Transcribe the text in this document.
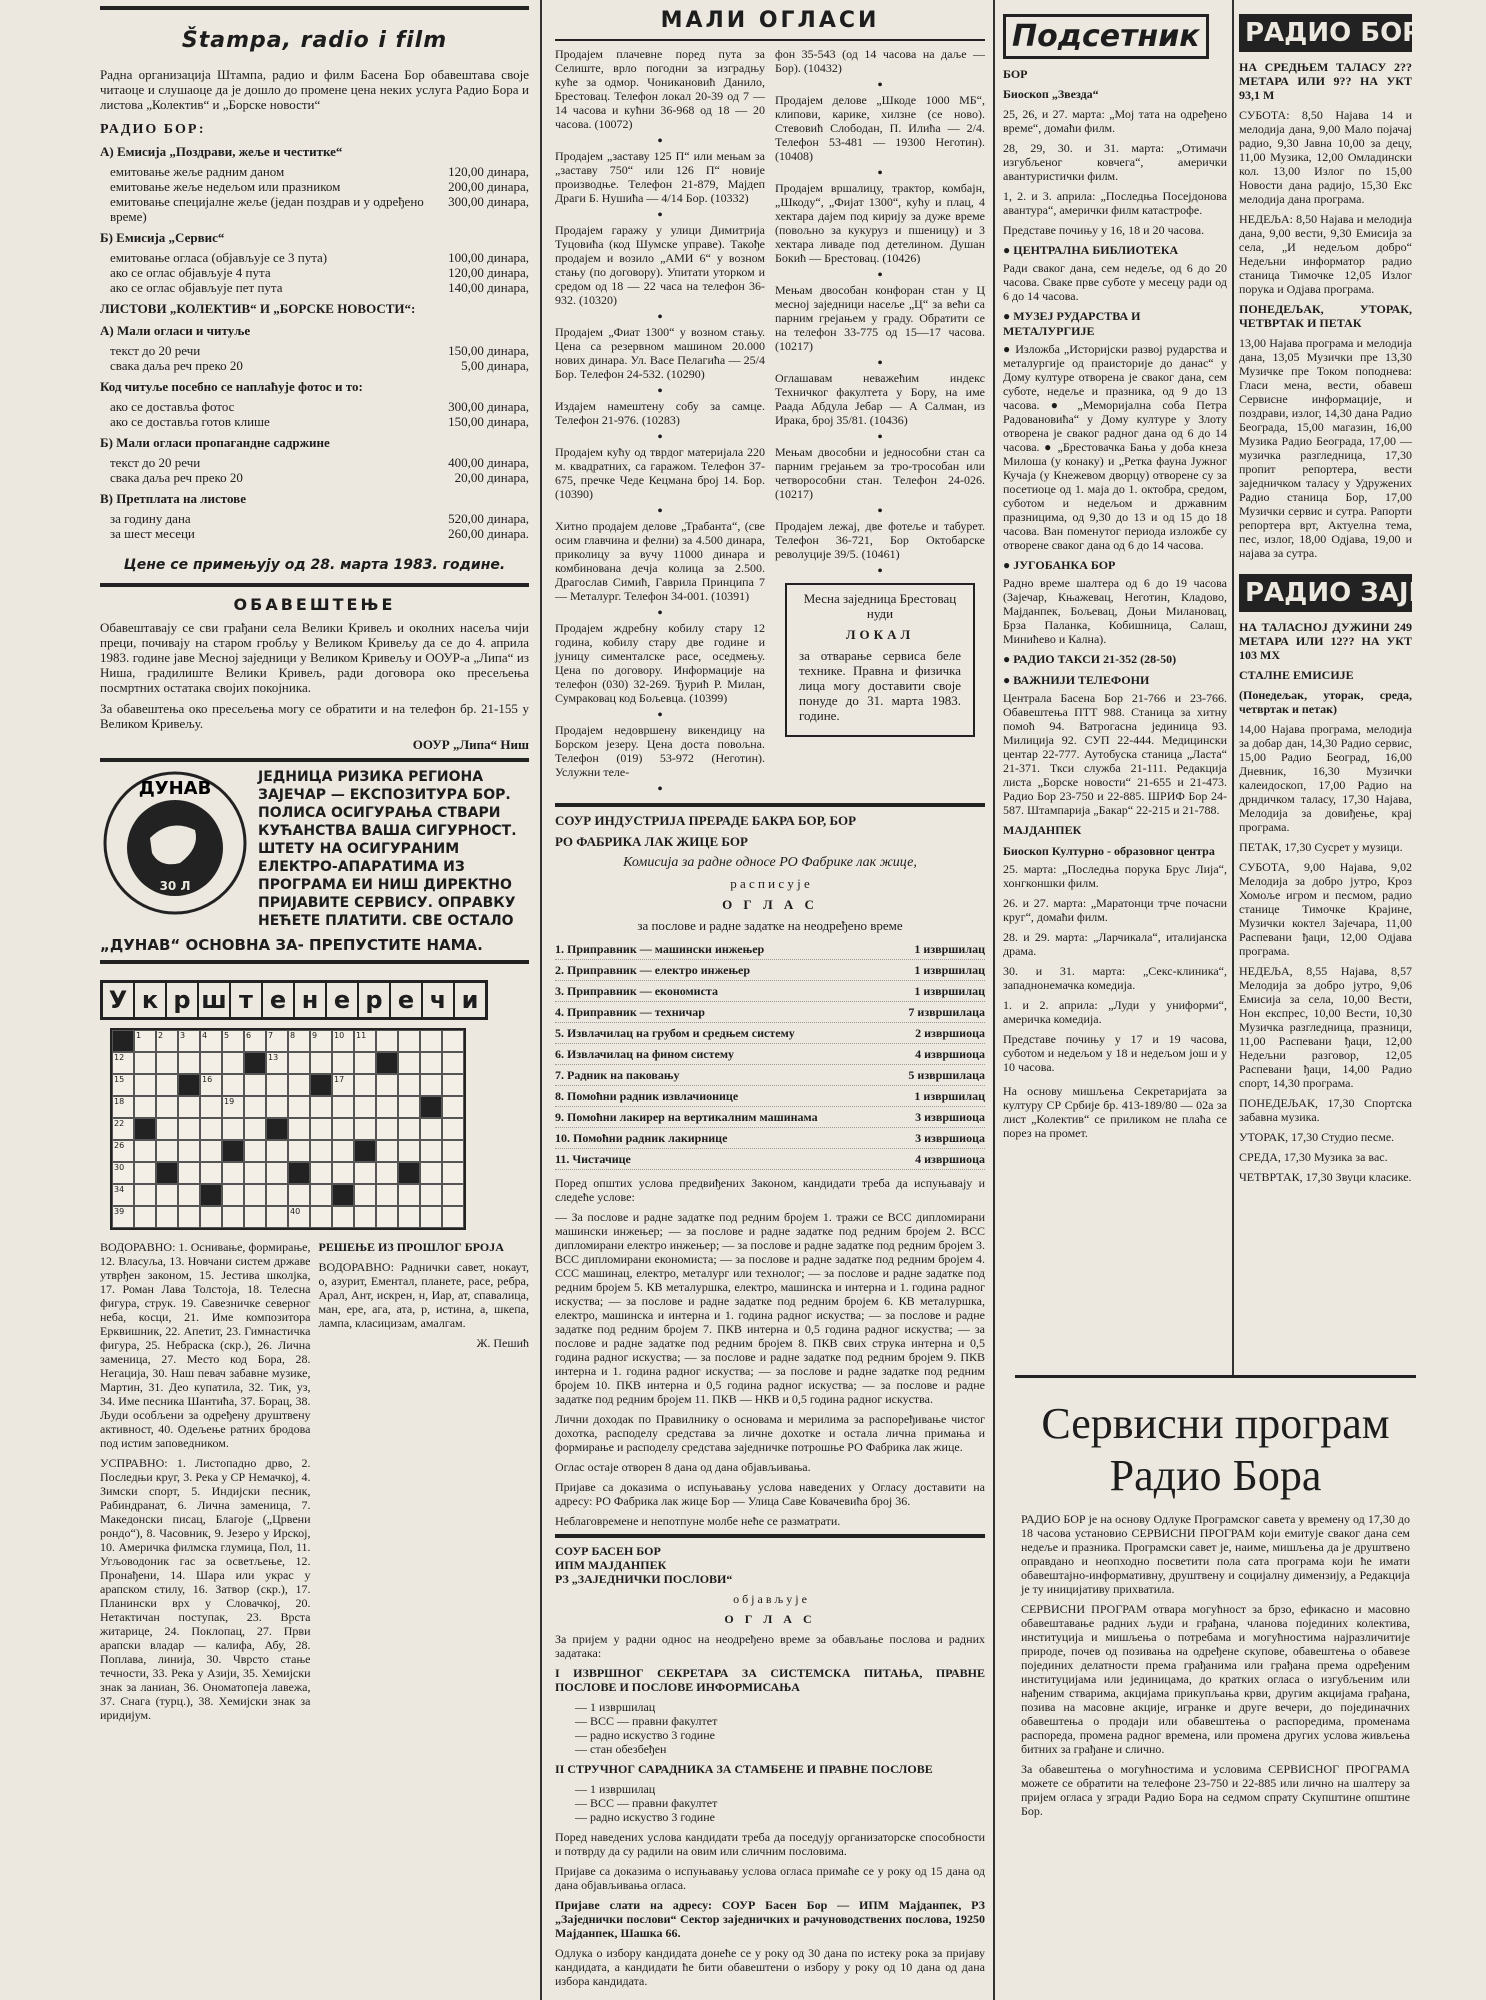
Štampa, radio i film

Радна организација Штампа, радио и филм Басена Бор обавештава своје читаоце и слушаоце да је дошло до промене цена неких услуга Радио Бора и листова „Колектив“ и „Борске новости“

РАДИО БОР:
А) Емисија „Поздрави, жеље и честитке“
емитовање жеље радним даном	120,00 динара,
емитовање жеље недељом или празником	200,00 динара,
емитовање специјалне жеље (један поздрав и у одређено време)
300,00 динара,
Б) Емисија „Сервис“
емитовање огласа (објављује се 3 пута)	100,00 динара,
ако се оглас објављује 4 пута	120,00 динара,
ако се оглас објављује пет пута	140,00 динара,
ЛИСТОВИ „КОЛЕКТИВ“ И „БОРСКЕ НОВОСТИ“:
А) Мали огласи и читуље
текст до 20 речи	150,00 динара,
свака даља реч преко 20	5,00 динара,
Код читуље посебно се наплаћује фотос и то:
ако се доставља фотос	300,00 динара,
ако се доставља готов клише	150,00 динара,
Б) Мали огласи пропагандне садржине
текст до 20 речи	400,00 динара,
свака даља реч преко 20	20,00 динара,
В) Претплата на листове
за годину дана	520,00 динара,
за шест месеци	260,00 динара.
Цене се примењују од 28. марта 1983. године.
ОБАВЕШТЕЊЕ

Обавештавају се сви грађани села Велики Кривељ и околних насеља чији преци, почивају на старом гробљу у Великом Кривељу да се до 4. априла 1983. године јаве Месној заједници у Великом Кривељу и ООУР-а „Липа“ из Ниша, градилиште Велики Кривељ, ради договора око пресељења посмртних остатака својих покојника.

За обавештења око пресељења могу се обратити и на телефон бр. 21-155 у Великом Кривељу.

ООУР „Липа“ Ниш

ДУНАВ
30 Л
ЈЕДНИЦА РИЗИКА РЕГИОНА ЗАЈЕЧАР — ЕКСПОЗИТУРА БОР. ПОЛИСА ОСИГУРАЊА СТВАРИ КУЋАНСТВА ВАША СИГУРНОСТ. ШТЕТУ НА ОСИГУРАНИМ ЕЛЕКТРО-АПАРАТИМА ИЗ ПРОГРАМА ЕИ НИШ ДИРЕКТНО ПРИЈАВИТЕ СЕРВИСУ. ОПРАВКУ НЕЋЕТЕ ПЛАТИТИ. СВЕ ОСТАЛО
„ДУНАВ“ ОСНОВНА ЗА- ПРЕПУСТИТЕ НАМА.
У к р ш т е н е р е ч и
1 2 3 4 5 6 7 8 9 10 11
12	13
15	16	17
18	19
22
26
30
34
39	40

ВОДОРАВНО: 1. Оснивање, формирање, 12. Власуља, 13. Новчани систем државе утврђен законом, 15. Јестива школјка, 17. Роман Лава Толстоја, 18. Телесна фигура, струк. 19. Савезничке северног неба, косци, 21. Име композитора Ерквишник, 22. Апетит, 23. Гимнастичка фигура, 25. Небраска (скр.), 26. Лична заменица, 27. Место код Бора, 28. Негација, 30. Наш певач забавне музике, Мартин, 31. Део купатила, 32. Тик, уз, 34. Име песника Шантића, 37. Борац, 38. Људи особљени за одређену друштвену активност, 40. Одељење ратних бродова под истим заповедником.

УСПРАВНО: 1. Листопадно дрво, 2. Последњи круг, 3. Река у СР Немачкој, 4. Зимски спорт, 5. Индијски песник, Рабиндранат, 6. Лична заменица, 7. Македонски писац, Благоје („Црвени рондо“), 8. Часовник, 9. Језеро у Ирској, 10. Америчка филмска глумица, Пол, 11. Угљоводоник гас за осветљење, 12. Пронађени, 14. Шара или украс у арапском стилу, 16. Затвор (скр.), 17. Планински врх у Словачкој, 20. Нетактичан поступак, 23. Врста житарице, 24. Поклопац, 27. Први арапски владар — калифа, Абу, 28. Поплава, линија, 30. Чврсто стање течности, 33. Река у Азији, 35. Хемијски знак за ланиан, 36. Ономатопеја лавежа, 37. Снага (турц.), 38. Хемијски знак за иридијум.

РЕШЕЊЕ ИЗ ПРОШЛОГ БРОЈА

ВОДОРАВНО: Раднички савет, нокаут, о, азурит, Ементал, планете, расе, ребра, Арал, Ант, искрен, н, Иар, ат, спавалица, ман, ере, ага, ата, р, истина, а, шкепа, лампа, класицизам, амалгам.

Ж. Пешић

МАЛИ ОГЛАСИ

Продајем плачевне поред пута за Селиште, врло погодни за изградњу куће за одмор. Чоникановић Данило, Брестовац. Телефон локал 20-39 од 7 — 14 часова и кућни 36-968 од 18 — 20 часова. (10072)

•

Продајем „заставу 125 П“ или мењам за „заставу 750“ или 126 П“ новије производње. Телефон 21-879, Мајдеп Драги Б. Нушића — 4/14 Бор. (10332)

•

Продајем гаражу у улици Димитрија Туцовића (код Шумске управе). Такође продајем и возило „АМИ 6“ у возном стању (по договору). Упитати уторком и средом од 18 — 22 часа на телефон 36-932. (10320)

•

Продајем „Фиат 1300“ у возном стању. Цена са резервном машином 20.000 нових динара. Ул. Васе Пелагића — 25/4 Бор. Телефон 24-532. (10290)

•

Издајем намештену собу за самце. Телефон 21-976. (10283)

•

Продајем кућу од тврдог материјала 220 м. квадратних, са гаражом. Телефон 37-675, пречке Чеде Кецмана број 14. Бор. (10390)

•

Хитно продајем делове „Трабанта“, (све осим главчина и фелни) за 4.500 динара, приколицу за вучу 11000 динара и комбинована дечја колица за 2.500. Драгослав Симић, Гаврила Принципа 7 — Металург. Телефон 34-001. (10391)

•

Продајем ждребну кобилу стару 12 година, кобилу стару две године и јуницу сименталске расе, оседмењу. Цена по договору. Информације на телефон (030) 32-269. Ђурић Р. Милан, Сумраковац код Бољевца. (10399)

•

Продајем недовршену викендицу на Борском језеру. Цена доста повољна. Телефон (019) 53-972 (Неготин). Услужни теле-

•

фон 35-543 (од 14 часова на даље — Бор). (10432)

•

Продајем делове „Шкоде 1000 МБ“, клипови, карике, хилзне (се ново). Стевовић Слободан, П. Илића — 2/4. Телефон 53-481 — 19300 Неготин). (10408)

•

Продајем вршалицу, трактор, комбајн, „Шкоду“, „Фијат 1300“, кућу и плац, 4 хектара дајем под кирију за дуже време (повољно за кукуруз и пшеницу) и 3 хектара ливаде под детелином. Душан Бокић — Брестовац. (10426)

•

Мењам двособан конфоран стан у Ц месној заједници насеље „Ц“ за већи са парним грејањем у граду. Обратити се на телефон 33-775 од 15—17 часова. (10217)

•

Оглашавам неважећим индекс Техничког факултета у Бору, на име Раада Абдула Јебар — А Салман, из Ирака, број 35/81. (10436)

•

Мењам двособни и једнособни стан са парним грејањем за тро-трособан или четворособни стан. Телефон 24-026. (10217)

•

Продајем лежај, две фотеље и табурет. Телефон 36-721, Бор Октобарске револуције 39/5. (10461)

•

Месна заједница Брестовац нуди

ЛОКАЛ

за отварање сервиса беле технике. Правна и физичка лица могу доставити своје понуде до 31. марта 1983. године.

СОУР ИНДУСТРИЈА ПРЕРАДЕ БАКРА БОР, БОР

РО ФАБРИКА ЛАК ЖИЦЕ БОР

Комисија за радне односе РО Фабрике лак жице,

р а с п и с у ј е

О Г Л А С

за послове и радне задатке на неодређено време

1. Приправник — машински инжењер	1 извршилац
2. Приправник — електро инжењер	1 извршилац
3. Приправник — економиста	1 извршилац
4. Приправник — техничар	7 извршилаца
5. Извлачилац на грубом и средњем систему	2 извршиоца
6. Извлачилац на фином систему	4 извршиоца
7. Радник на паковању	5 извршилаца
8. Помоћни радник извлачионице	1 извршилац
9. Помоћни лакирер на вертикалним машинама	3 извршиоца
10. Помоћни радник лакирнице	3 извршиоца
11. Чистачице	4 извршиоца

Поред општих услова предвиђених Законом, кандидати треба да испуњавају и следеће услове:

— За послове и радне задатке под редним бројем 1. тражи се ВСС дипломирани машински инжењер; — за послове и радне задатке под редним бројем 2. ВСС дипломирани електро инжењер; — за послове и радне задатке под редним бројем 3. ВСС дипломирани економиста; — за послове и радне задатке под редним бројем 4. ССС машинац, електро, металург или технолог; — за послове и радне задатке под редним бројем 5. КВ металуршка, електро, машинска и интерна и 1. година радног искуства; — за послове и радне задатке под редним бројем 6. КВ металуршка, електро, машинска и интерна и 1. година радног искуства; — за послове и радне задатке под редним бројем 7. ПКВ интерна и 0,5 година радног искуства; — за послове и радне задатке под редним бројем 8. ПКВ свих струка интерна и 0,5 година радног искуства; — за послове и радне задатке под редним бројем 9. ПКВ интерна и 1. година радног искуства; — за послове и радне задатке под редним бројем 10. ПКВ интерна и 0,5 година радног искуства; — за послове и радне задатке под редним бројем 11. ПКВ — НКВ и 0,5 година радног искуства.

Лични доходак по Правилнику о основама и мерилима за распоређивање чистог дохотка, расподелу средстава за личне дохотке и остала лична примања и формирање и расподелу средстава заједничке потрошње РО Фабрика лак жице.

Оглас остаје отворен 8 дана од дана објављивања.

Пријаве са доказима о испуњавању услова наведених у Огласу доставити на адресу: РО Фабрика лак жице Бор — Улица Саве Ковачевића број 36.

Неблаговремене и непотпуне молбе неће се разматрати.

СОУР БАСЕН БОР

ИПМ МАЈДАНПЕК

РЗ „ЗАЈЕДНИЧКИ ПОСЛОВИ“

о б ј а в љ у ј е

О Г Л А С

За пријем у радни однос на неодређено време за обављање послова и радних задатака:

I ИЗВРШНОГ СЕКРЕТАРА ЗА СИСТЕМСКА ПИТАЊА, ПРАВНЕ ПОСЛОВЕ И ПОСЛОВЕ ИНФОРМИСАЊА

— 1 извршилац

— ВСС — правни факултет

— радно искуство 3 године

— стан обезбеђен

II СТРУЧНОГ САРАДНИКА ЗА СТАМБЕНЕ И ПРАВНЕ ПОСЛОВЕ

— 1 извршилац

— ВСС — правни факултет

— радно искуство 3 године

Поред наведених услова кандидати треба да поседују организаторске способности и потврду да су радили на овим или сличним пословима.

Пријаве са доказима о испуњавању услова огласа примаће се у року од 15 дана од дана објављивања огласа.

Пријаве слати на адресу: СОУР Басен Бор — ИПМ Мајданпек, РЗ „Заједнички послови“ Сектор заједничких и рачуноводствених послова, 19250 Мајданпек, Шашка 66.

Одлука о избору кандидата донеће се у року од 30 дана по истеку рока за пријаву кандидата, а кандидати ће бити обавештени о избору у року од 10 дана од дана избора кандидата.

Подсетник

БОР

Биоскоп „Звезда“

25, 26, и 27. марта: „Мој тата на одређено време“, домаћи филм.

28, 29, 30. и 31. марта: „Отимачи изгубљеног ковчега“, амерички авантуристички филм.

1, 2. и 3. априла: „Последња Посејдонова авантура“, амерички филм катастрофе.

Представе почињу у 16, 18 и 20 часова.

● ЦЕНТРАЛНА БИБЛИОТЕКА

Ради сваког дана, сем недеље, од 6 до 20 часова. Сваке прве суботе у месецу ради од 6 до 14 часова.

● МУЗЕЈ РУДАРСТВА И МЕТАЛУРГИЈЕ

● Изложба „Историјски развој рударства и металургије од праисторије до данас“ у Дому културе отворена је сваког дана, сем суботе, недеље и празника, од 9 до 13 часова. ● „Меморијална соба Петра Радовановића“ у Дому културе у Злоту отворена је сваког радног дана од 6 до 14 часова. ● „Брестовачка Бања у доба кнеза Милоша (у конаку) и „Ретка фауна Јужног Кучаја (у Кнежевом дворцу) отворене су за посетиоце од 1. маја до 1. октобра, средом, суботом и недељом и државним празницима, од 9,30 до 13 и од 15 до 18 часова. Ван поменутог периода изложбе су отворене сваког дана од 6 до 14 часова.

● ЈУГОБАНКА БОР

Радно време шалтера од 6 до 19 часова (Зајечар, Књажевац, Неготин, Кладово, Мајданпек, Бољевац, Доњи Милановац, Брза Паланка, Кобишница, Салаш, Минићево и Кална).

● РАДИО ТАКСИ 21-352 (28-50)
● ВАЖНИЈИ ТЕЛЕФОНИ

Централа Басена Бор 21-766 и 23-766. Обавештења ПТТ 988. Станица за хитну помоћ 94. Ватрогасна јединица 93. Милиција 92. СУП 22-444. Медицински центар 22-777. Аутобуска станица „Ласта“ 21-371. Ткси служба 21-111. Редакција листа „Борске новости“ 21-655 и 21-473. Радио Бор 23-750 и 22-885. ШРИФ Бор 24-587. Штампарија „Бакар“ 22-215 и 21-788.

МАЈДАНПЕК
Биоскоп Културно - образовног центра

25. марта: „Последња порука Брус Лија“, хонгконшки филм.

26. и 27. марта: „Маратонци трче почасни круг“, домаћи филм.

28. и 29. марта: „Ларчикала“, италијанска драма.

30. и 31. марта: „Секс-клиника“, западнонемачка комедија.

1. и 2. априла: „Луди у униформи“, америчка комедија.

Представе почињу у 17 и 19 часова, суботом и недељом у 18 и недељом још и у 10 часова.

На основу мишљења Секретаријата за културу СР Србије бр. 413-189/80 — 02а за лист „Колектив“ се приликом не плаћа се порез на промет.

РАДИО БОР

НА СРЕДЊЕМ ТАЛАСУ 2?? МЕТАРА ИЛИ 9?? НА УКТ 93,1 М

СУБОТА: 8,50 Најава 14 и мелодија дана, 9,00 Мало појачај радио, 9,30 Јавна 10,00 за децу, 11,00 Музика, 12,00 Омладински кол. 13,00 Излог по 15,00 Новости дана радијо, 15,30 Екс мелодија дана програма.

НЕДЕЉА: 8,50 Најава и мелодија дана, 9,00 вести, 9,30 Емисија за села, „И недељом добро“ Недељни информатор радио станица Тимочке 12,05 Излог порука и Одјава програма.

ПОНЕДЕЉАК, УТОРАК, ЧЕТВРТАК И ПЕТАК

13,00 Најава програма и мелодија дана, 13,05 Музички пре 13,30 Музичке пре Током поподнева: Гласи мена, вести, обавеш Сервисне информације, и поздрави, излог, 14,30 дана Радио Београда, 15,00 магазин, 16,00 Музика Радио Београда, 17,00 — музичка разгледница, 17,30 пропит репортера, вести заједничком таласу у Удружених Радио станица Бор, 17,00 Музички сервис и сутра. Рапорти репортера врт, Актуелна тема, пес, излог, 18,00 Одјава, 19,00 и најава за сутра.

РАДИО ЗАЈЕЧАР

НА ТАЛАСНОЈ ДУЖИНИ 249 МЕТАРА ИЛИ 12?? НА УКТ 103 МХ

СТАЛНЕ ЕМИСИЈЕ

(Понедељак, уторак, среда, четвртак и петак)

14,00 Најава програма, мелодија за добар дан, 14,30 Радио сервис, 15,00 Радио Београд, 16,00 Дневник, 16,30 Музички калеидоскоп, 17,00 Радио на дрндичком таласу, 17,30 Најава, Мелодија за довиђење, крај програма.

ПЕТАК, 17,30 Сусрет у музици.

СУБОТА, 9,00 Најава, 9,02 Мелодија за добро јутро, Кроз Хомоље игром и песмом, радио станице Тимочке Крајине, Музички коктел Зајечара, 11,00 Распевани ђаци, 12,00 Одјава програма.

НЕДЕЉА, 8,55 Најава, 8,57 Мелодија за добро јутро, 9,06 Емисија за села, 10,00 Вести, Нон експрес, 10,00 Вести, 10,30 Музичка разгледница, празници, 11,00 Распевани ђаци, 12,00 Недељни разговор, 12,05 Распевани ђаци, 14,00 Радио спорт, 14,30 програма.

ПОНЕДЕЉАК, 17,30 Спортска забавна музика.

УТОРАК, 17,30 Студио песме.

СРЕДА, 17,30 Музика за вас.

ЧЕТВРТАК, 17,30 Звуци класике.

Сервисни програм
Радио Бора

РАДИО БОР је на основу Одлуке Програмског савета у времену од 17,30 до 18 часова установио СЕРВИСНИ ПРОГРАМ који емитује сваког дана сем недеље и празника. Програмски савет је, наиме, мишљења да је друштвено оправдано и неопходно посветити пола сата програма који ће имати обавештајно-информативну, друштвену и социјалну димензију, а Редакција је ту иницијативу прихватила.

СЕРВИСНИ ПРОГРАМ отвара могућност за брзо, ефикасно и масовно обавештавање радних људи и грађана, чланова појединих колектива, институција и мишљења о потребама и могућностима најразличитије природе, почев од позивања на одређене скупове, обавештења о обавезе појединих делатности према грађанима или грађана према одређеним институцијама или јединицама, до кратких огласа о изгубљеним или нађеним стварима, акцијама прикупљања крви, другим акцијама грађана, позива на масовне акције, игранке и друге вечери, до појединачних обавештења о продаји или обавештења о распоредима, променама распореда, промена радног времена, или промена других услова живљења битних за грађане и слично.

За обавештења о могућностима и условима СЕРВИСНОГ ПРОГРАМА можете се обратити на телефоне 23-750 и 22-885 или лично на шалтеру за пријем огласа у згради Радио Бора на седмом спрату Скупштине општине Бор.
